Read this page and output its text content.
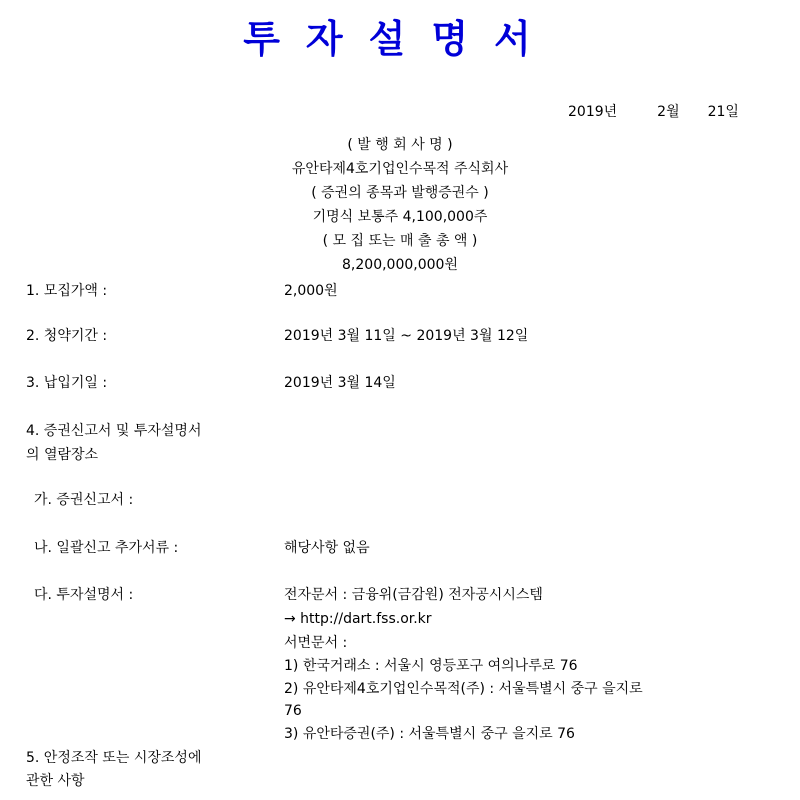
투자설명서
2019년	2월 21일
( 발 행 회 사 명 )
유안타제4호기업인수목적 주식회사
( 증권의 종목과 발행증권수 )
기명식 보통주 4,100,000주
( 모 집 또는 매 출 총 액 )
8,200,000,000원
1. 모집가액 :	2,000원
2. 청약기간 :	2019년 3월 11일 ~ 2019년 3월 12일
3. 납입기일 :	2019년 3월 14일
4. 증권신고서 및 투자설명서
의 열람장소
가. 증권신고서 :
나. 일괄신고 추가서류 :	해당사항 없음
다. 투자설명서 :	전자문서 : 금융위(금감원) 전자공시시스템
→ http://dart.fss.or.kr
서면문서 :
1) 한국거래소 : 서울시 영등포구 여의나루로 76
2) 유안타제4호기업인수목적(주) : 서울특별시 중구 을지로
76
3) 유안타증권(주) : 서울특별시 중구 을지로 76
5. 안정조작 또는 시장조성에
관한 사항
